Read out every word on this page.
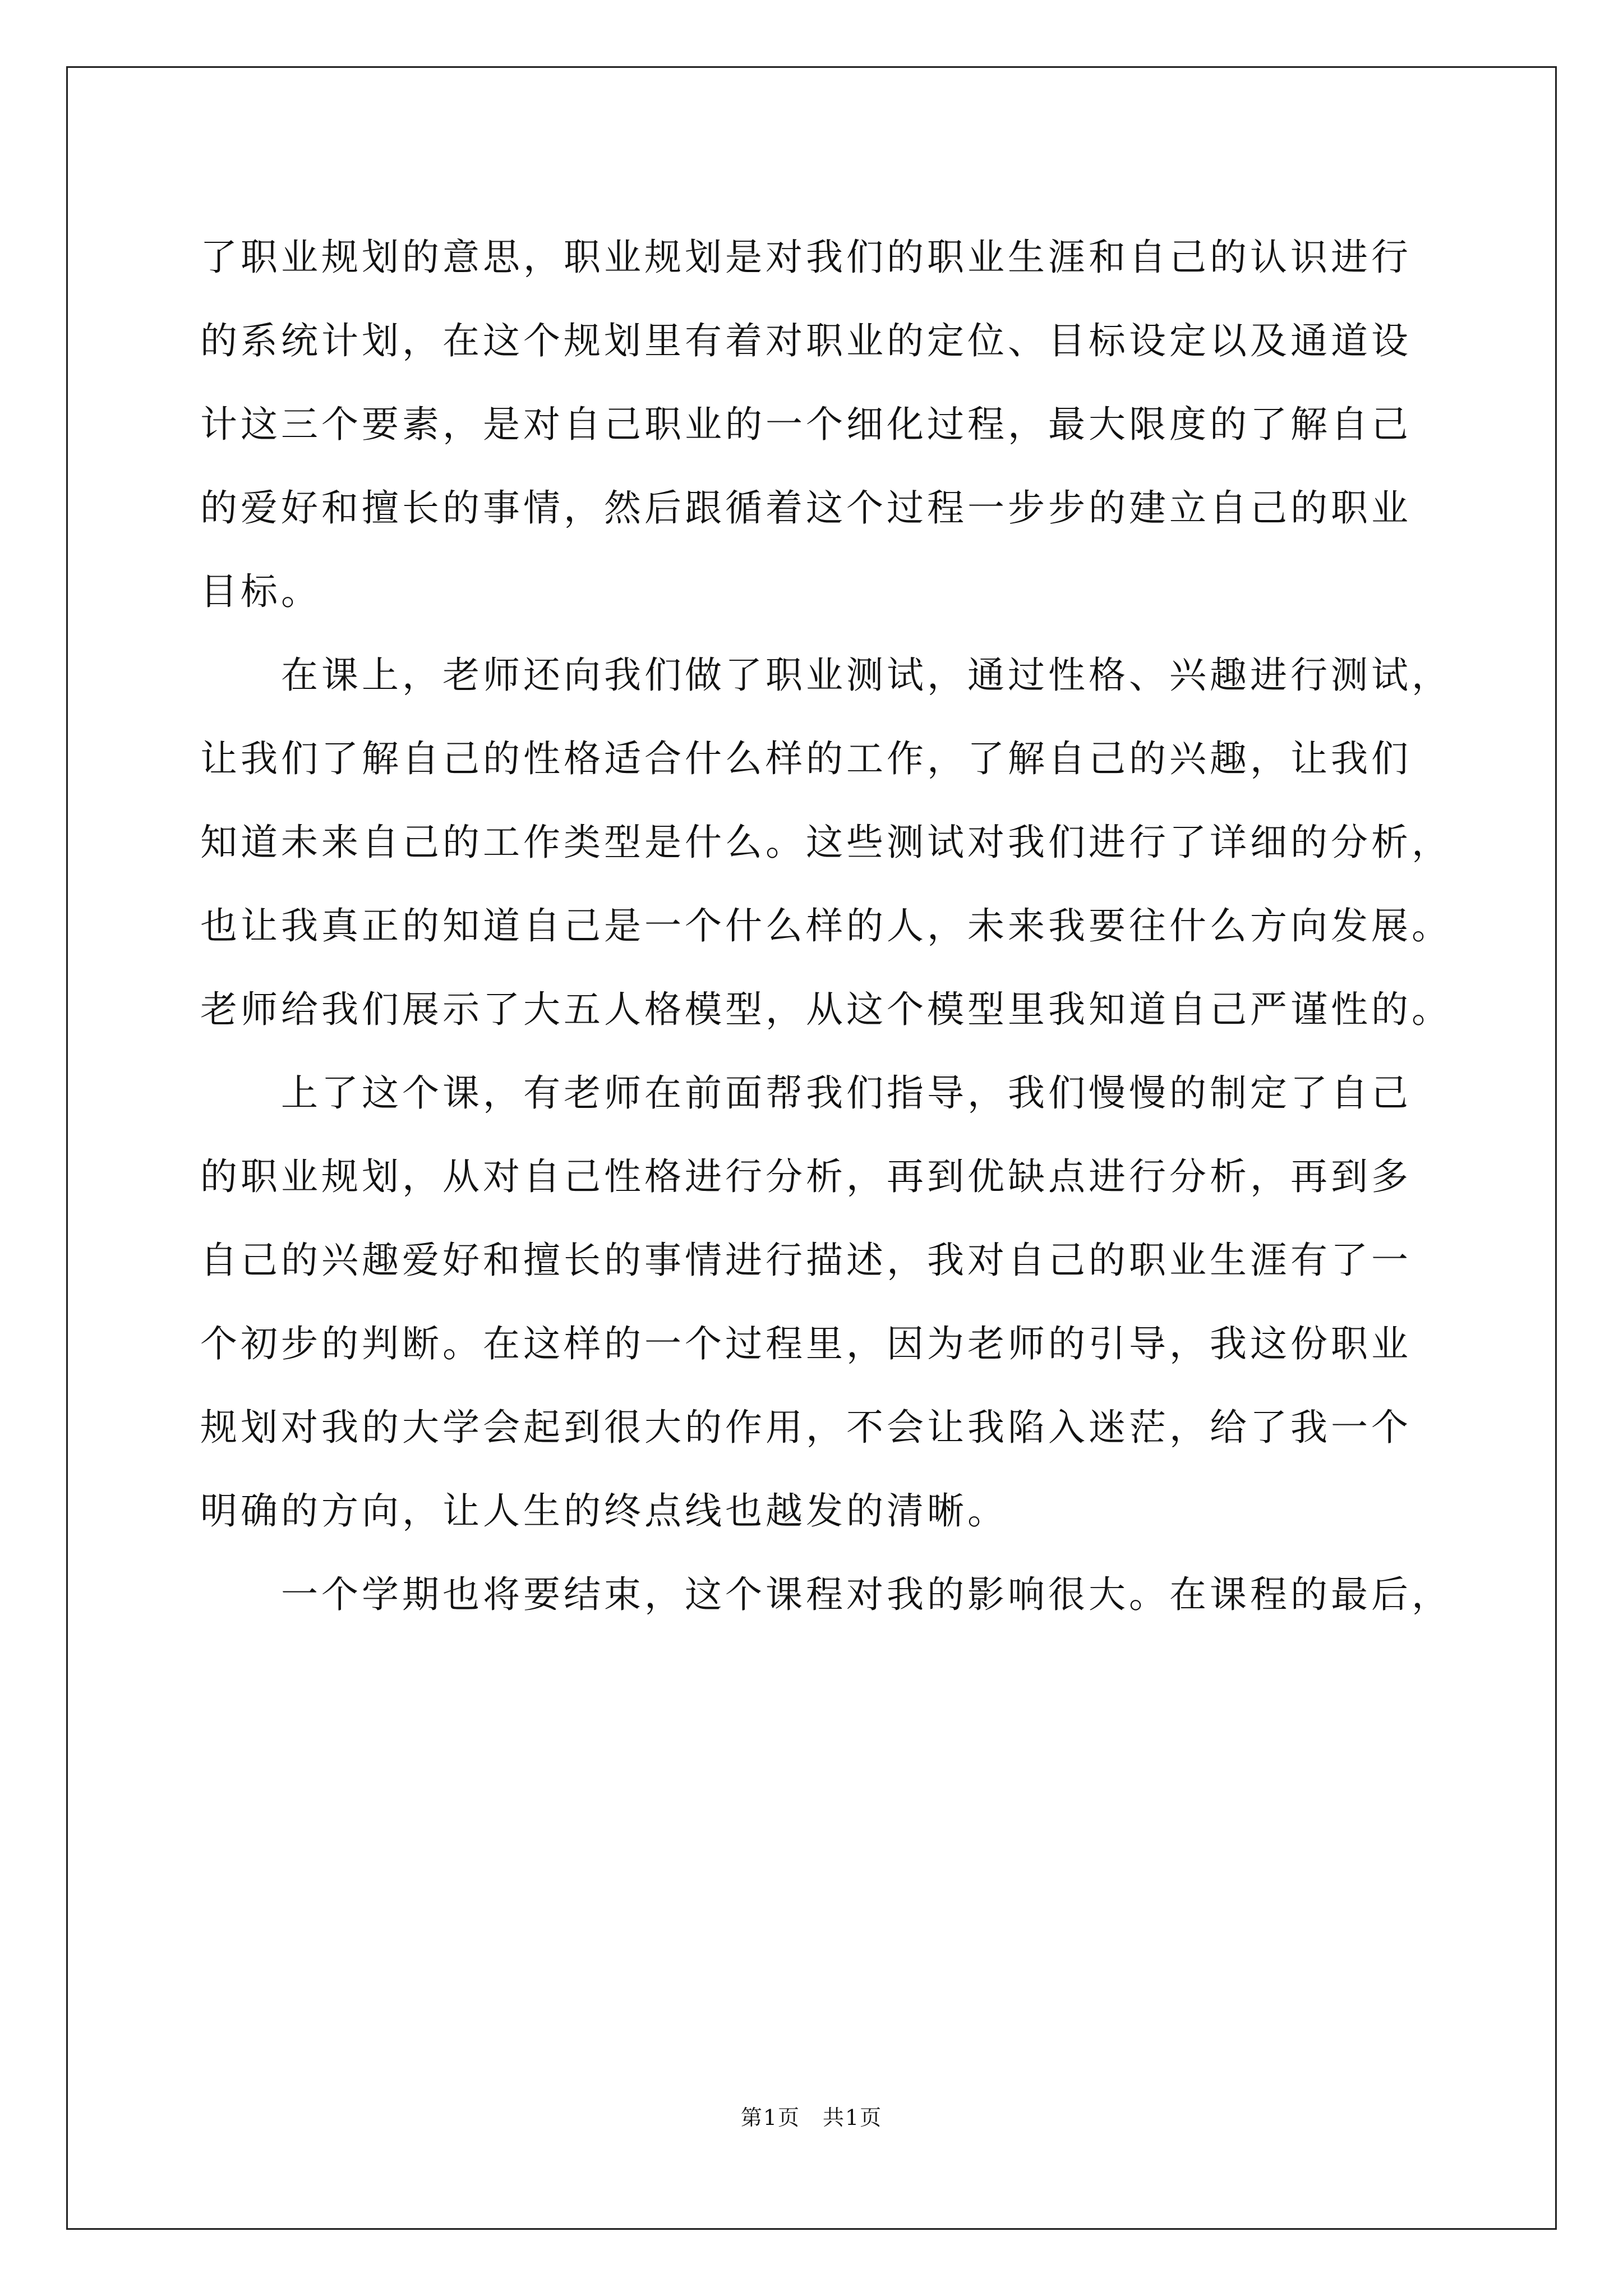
了职业规划的意思，职业规划是对我们的职业生涯和自己的认识进行
的系统计划，在这个规划里有着对职业的定位、目标设定以及通道设
计这三个要素，是对自己职业的一个细化过程，最大限度的了解自己
的爱好和擅长的事情，然后跟循着这个过程一步步的建立自己的职业
目标。

　　在课上，老师还向我们做了职业测试，通过性格、兴趣进行测试，
让我们了解自己的性格适合什么样的工作，了解自己的兴趣，让我们
知道未来自己的工作类型是什么。这些测试对我们进行了详细的分析，
也让我真正的知道自己是一个什么样的人，未来我要往什么方向发展。
老师给我们展示了大五人格模型，从这个模型里我知道自己严谨性的。

　　上了这个课，有老师在前面帮我们指导，我们慢慢的制定了自己
的职业规划，从对自己性格进行分析，再到优缺点进行分析，再到多
自己的兴趣爱好和擅长的事情进行描述，我对自己的职业生涯有了一
个初步的判断。在这样的一个过程里，因为老师的引导，我这份职业
规划对我的大学会起到很大的作用，不会让我陷入迷茫，给了我一个
明确的方向，让人生的终点线也越发的清晰。

　　一个学期也将要结束，这个课程对我的影响很大。在课程的最后，

第1页　共1页
